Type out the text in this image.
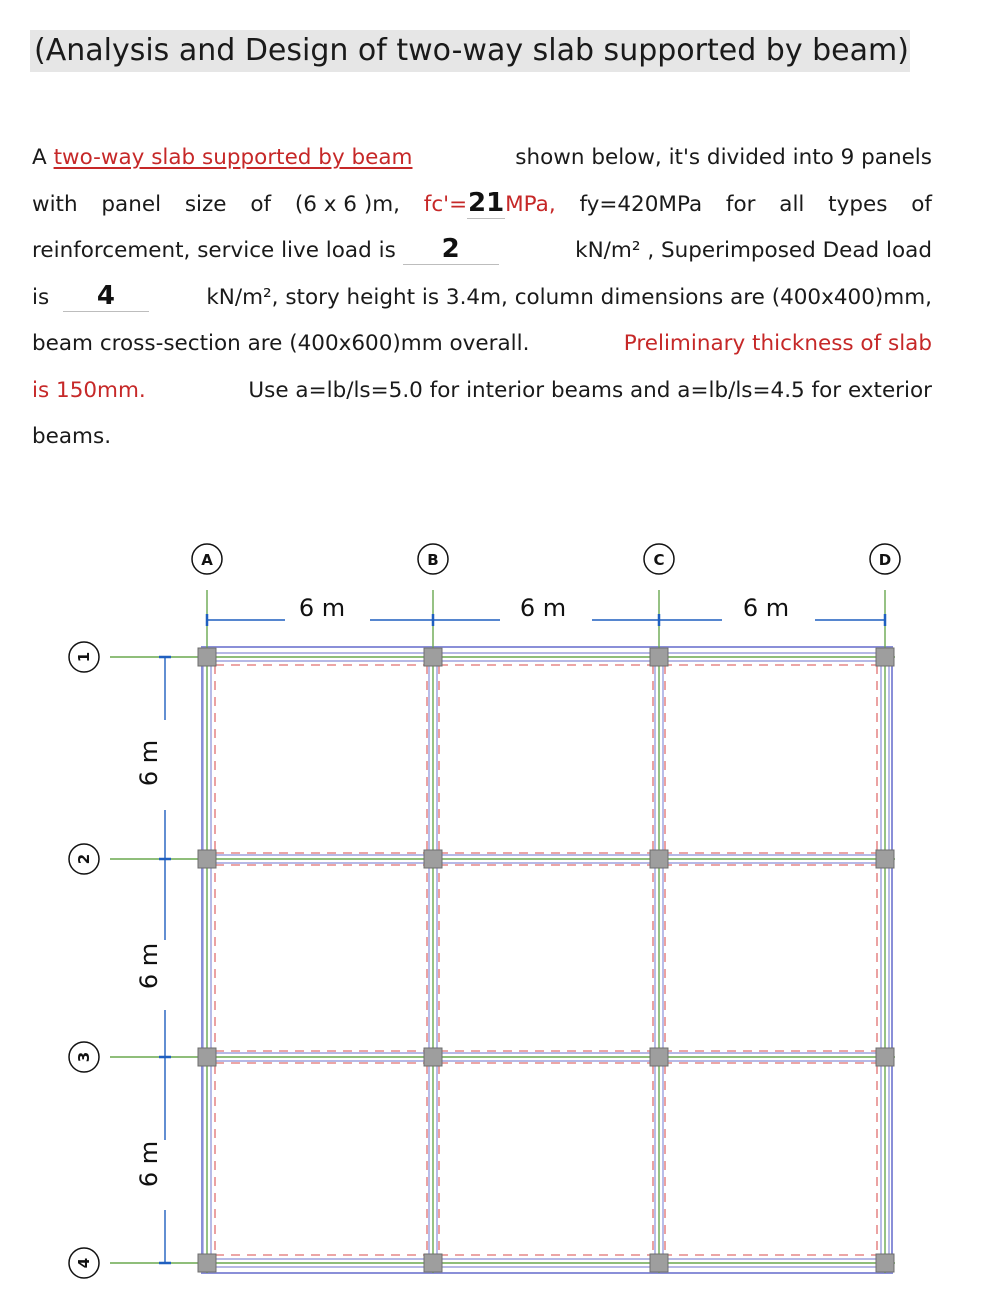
(Analysis and Design of two-way slab supported by beam)
A two-way slab supported by beam	shown below, it's divided into 9 panels
with panel size of (6 x 6 )m, fc'=21MPa, fy=420MPa for all types of
reinforcement, service live load is 2	kN/m² , Superimposed Dead load
is 4	kN/m², story height is 3.4m, column dimensions are (400x400)mm,
beam cross-section are (400x600)mm overall.	Preliminary thickness of slab
is 150mm.	Use a=lb/ls=5.0 for interior beams and a=lb/ls=4.5 for exterior
beams.
A	B	C	D
1
2
3
4
6 m	6 m	6 m
6 m
6 m
6 m
